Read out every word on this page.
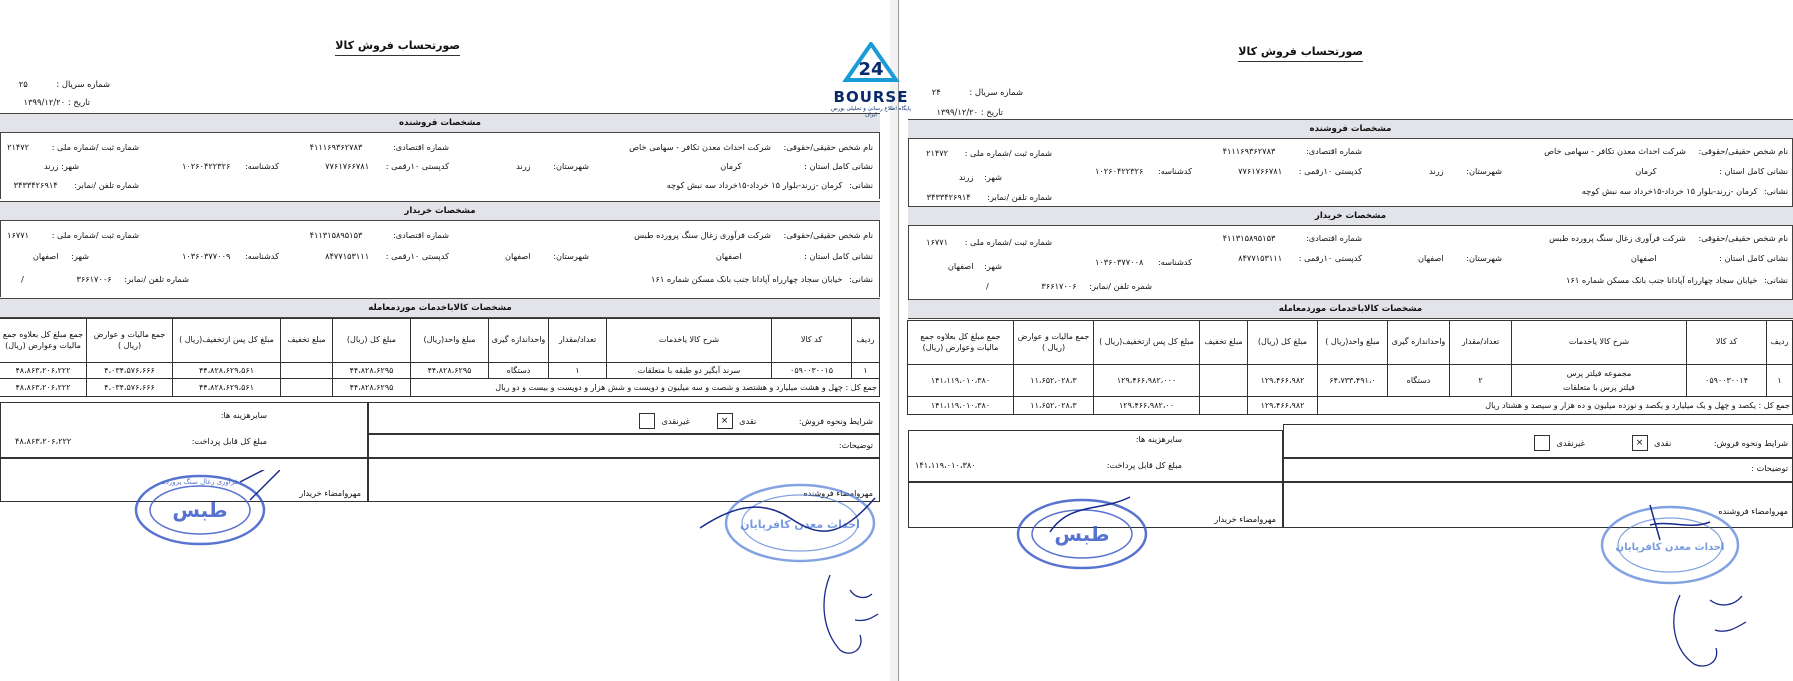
صورتحساب فروش کالا
شماره سریال : ۲۵
تاریخ : ۱۳۹۹/۱۲/۲۰
مشخصات فروشنده
نام شخص حقیقی/حقوقی: شرکت احداث معدن تکافر - سهامی خاص
شماره اقتصادی: ۴۱۱۱۶۹۳۶۲۷۸۳
شماره ثبت /شماره ملی : ۲۱۴۷۲
نشانی کامل استان : کرمان
شهرستان: زرند
کدپستی ۱۰رقمی : ۷۷۶۱۷۶۶۷۸۱
کدشناسه: ۱۰۲۶۰۴۲۲۳۲۶
شهر: زرند
نشانی: کرمان -زرند-بلوار ۱۵ خرداد-۱۵خرداد سه نبش کوچه
شماره تلفن /نمابر: ۳۴۳۳۴۲۶۹۱۴
مشخصات خریدار
نام شخص حقیقی/حقوقی: شرکت فرآوری زغال سنگ پرورده طبس
شماره اقتصادی: ۴۱۱۳۱۵۸۹۵۱۵۳
شماره ثبت /شماره ملی : ۱۶۷۷۱
نشانی کامل استان : اصفهان
شهرستان: اصفهان
کدپستی ۱۰رقمی : ۸۴۷۷۱۵۳۱۱۱
کدشناسه: ۱۰۳۶۰۳۷۷۰۰۹
شهر: اصفهان
نشانی: خیابان سجاد چهارراه آپادانا جنب بانک مسکن شماره ۱۶۱
شماره تلفن /نمابر: ۳۶۶۱۷۰۰۶ /
مشخصات کالاباخدمات موردمعامله
ردیف	کد کالا	شرح کالا یاخدمات	تعداد/مقدار	واحداندازه گیری	مبلغ واحد(ریال)	مبلغ کل (ریال)	مبلغ تخفیف	مبلغ کل پس ازتخفیف(ریال )	جمع مالیات و عوارض (ریال )	جمع مبلغ کل بعلاوه جمع مالیات وعوارض (ریال)
۱	۰۵۹۰۰۳۰۰۱۵	سرند آبگیر دو طبقه با متعلقات	۱	دستگاه	۴۴،۸۲۸،۶۲۹۵	۴۴،۸۲۸،۶۲۹۵		۴۴،۸۲۸،۶۲۹،۵۶۱	۴،۰۳۴،۵۷۶،۶۶۶	۴۸،۸۶۳،۲۰۶،۲۲۲
جمع کل : چهل و هشت میلیارد و هشتصد و شصت و سه میلیون و دویست و شش هزار و دویست و بیست و دو ریال						۴۴،۸۲۸،۶۲۹۵		۴۴،۸۲۸،۶۲۹،۵۶۱	۴،۰۳۴،۵۷۶،۶۶۶	۴۸،۸۶۳،۲۰۶،۲۲۲
شرایط ونحوه فروش: نقدی × غیرنقدی
سایرهزینه ها:
مبلغ کل قابل پرداخت:
۴۸،۸۶۳،۲۰۶،۲۲۲	توضیحات:
مهروامضاء فروشنده
مهروامضاء خریدار
صورتحساب فروش کالا
شماره سریال : ۲۴
تاریخ : ۱۳۹۹/۱۲/۲۰
مشخصات فروشنده
نام شخص حقیقی/حقوقی: شرکت احداث معدن تکافر - سهامی خاص
شماره اقتصادی: ۴۱۱۱۶۹۳۶۲۷۸۳
شماره ثبت /شماره ملی : ۲۱۴۷۲
نشانی کامل استان : کرمان
شهرستان: زرند
کدپستی ۱۰رقمی : ۷۷۶۱۷۶۶۷۸۱
کدشناسه: ۱۰۲۶۰۴۲۲۳۲۶
شهر: زرند
نشانی: کرمان -زرند-بلوار ۱۵ خرداد-۱۵خرداد سه نبش کوچه
شماره تلفن /نمابر: ۳۴۳۳۴۲۶۹۱۴
مشخصات خریدار
نام شخص حقیقی/حقوقی: شرکت فرآوری زغال سنگ پرورده طبس
شماره اقتصادی: ۴۱۱۳۱۵۸۹۵۱۵۳
شماره ثبت /شماره ملی : ۱۶۷۷۱
نشانی کامل استان : اصفهان
شهرستان: اصفهان
کدپستی ۱۰رقمی : ۸۴۷۷۱۵۳۱۱۱
کدشناسه: ۱۰۳۶۰۳۷۷۰۰۸
شهر: اصفهان
نشانی: خیابان سجاد چهارراه آپادانا جنب بانک مسکن شماره ۱۶۱
شمره تلفن /نمابر: ۳۶۶۱۷۰۰۶ /
مشخصات کالاباخدمات موردمعامله
ردیف	کد کالا	شرح کالا یاخدمات	تعداد/مقدار	واحداندازه گیری	مبلغ واحد(ریال )	مبلغ کل (ریال)	مبلغ تخفیف	مبلغ کل پس ازتخفیف(ریال )	جمع مالیات و عوارض (ریال )	جمع مبلغ کل بعلاوه جمع مالیات وعوارض (ریال)
۱	۰۵۹۰۰۳۰۰۱۴	مجموعه فیلتر پرس
فیلتر پرس با متعلقات	۲	دستگاه	۶۴،۷۳۳،۴۹۱،۰	۱۲۹،۴۶۶،۹۸۲		۱۲۹،۴۶۶،۹۸۲،۰۰۰	۱۱،۶۵۲،۰۲۸،۳	۱۴۱،۱۱۹،۰۱۰،۳۸۰
جمع کل : یکصد و چهل و یک میلیارد و یکصد و نوزده میلیون و ده هزار و سیصد و هشتاد ریال						۱۲۹،۴۶۶،۹۸۲		۱۲۹،۴۶۶،۹۸۲،۰۰	۱۱،۶۵۲،۰۲۸،۳	۱۴۱،۱۱۹،۰۱۰،۳۸۰
شرایط ونحوه فروش: نقدی × غیرنقدی
سایرهزینه ها:
مبلغ کل قابل پرداخت:
۱۴۱،۱۱۹،۰۱۰،۳۸۰	توضیحات :
مهروامضاء فروشنده
مهروامضاء خریدار
24
BOURSE
پایگاه اطلاع رسانی و تحلیلی بورس ایران
طبس
فرآوری زغال سنگ پرورده
احداث معدن کافرپایان	طبس
احداث معدن کافرپایان
